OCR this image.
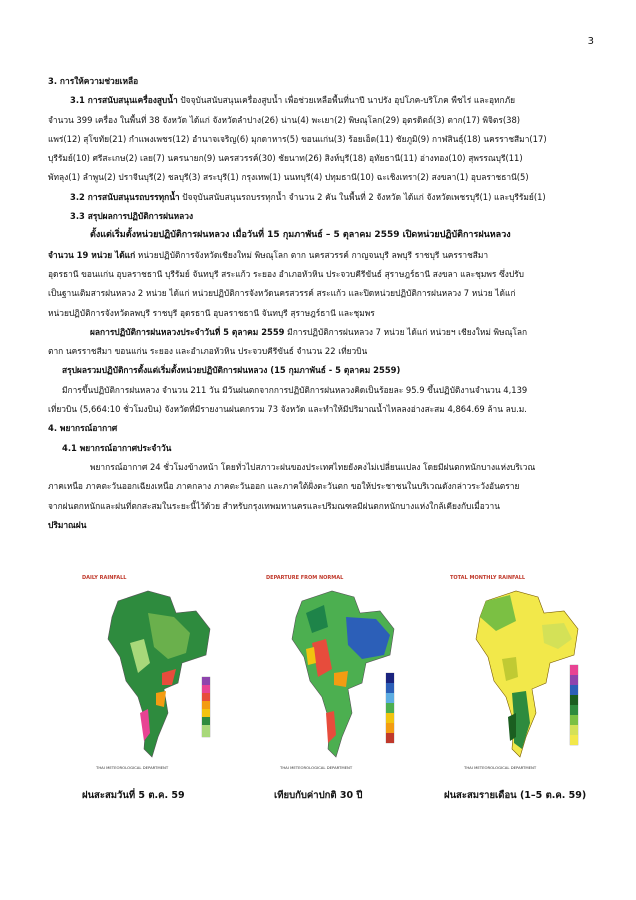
3
3. การให้ความช่วยเหลือ
3.1 การสนับสนุนเครื่องสูบน้ำ ปัจจุบันสนับสนุนเครื่องสูบน้ำ เพื่อช่วยเหลือพื้นที่นาปี นาปรัง อุปโภค-บริโภค พืชไร่ และอุทกภัย
จำนวน 399 เครื่อง ในพื้นที่ 38 จังหวัด ได้แก่ จังหวัดลำปาง(26) น่าน(4) พะเยา(2) พิษณุโลก(29) อุตรดิตถ์(3) ตาก(17) พิจิตร(38)
แพร่(12) สุโขทัย(21) กำแพงเพชร(12) อำนาจเจริญ(6) มุกดาหาร(5) ขอนแก่น(3) ร้อยเอ็ด(11) ชัยภูมิ(9) กาฬสินธุ์(18) นครราชสีมา(17)
บุรีรัมย์(10) ศรีสะเกษ(2) เลย(7) นครนายก(9) นครสวรรค์(30) ชัยนาท(26) สิงห์บุรี(18) อุทัยธานี(11) อ่างทอง(10) สุพรรณบุรี(11)
พัทลุง(1) ลำพูน(2) ปราจีนบุรี(2) ชลบุรี(3) สระบุรี(1) กรุงเทพ(1) นนทบุรี(4) ปทุมธานี(10) ฉะเชิงเทรา(2) สงขลา(1) อุบลราชธานี(5)
3.2 การสนับสนุนรถบรรทุกน้ำ ปัจจุบันสนับสนุนรถบรรทุกน้ำ จำนวน 2 คัน ในพื้นที่ 2 จังหวัด ได้แก่ จังหวัดเพชรบุรี(1) และบุรีรัมย์(1)
3.3 สรุปผลการปฏิบัติการฝนหลวง
ตั้งแต่เริ่มตั้งหน่วยปฏิบัติการฝนหลวง เมื่อวันที่ 15 กุมภาพันธ์ – 5 ตุลาคม 2559 เปิดหน่วยปฏิบัติการฝนหลวง
จำนวน 19 หน่วย ได้แก่ หน่วยปฏิบัติการจังหวัดเชียงใหม่ พิษณุโลก ตาก นครสวรรค์ กาญจนบุรี ลพบุรี ราชบุรี นครราชสีมา
อุดรธานี ขอนแก่น อุบลราชธานี บุรีรัมย์ จันทบุรี สระแก้ว ระยอง อำเภอหัวหิน ประจวบคีรีขันธ์ สุราษฎร์ธานี สงขลา และชุมพร ซึ่งปรับ
เป็นฐานเติมสารฝนหลวง 2 หน่วย ได้แก่ หน่วยปฏิบัติการจังหวัดนครสวรรค์ สระแก้ว และปิดหน่วยปฏิบัติการฝนหลวง 7 หน่วย ได้แก่
หน่วยปฏิบัติการจังหวัดลพบุรี ราชบุรี อุดรธานี อุบลราชธานี จันทบุรี สุราษฎร์ธานี และชุมพร
ผลการปฏิบัติการฝนหลวงประจำวันที่ 5 ตุลาคม 2559 มีการปฏิบัติการฝนหลวง 7 หน่วย ได้แก่ หน่วยฯ เชียงใหม่ พิษณุโลก
ตาก นครราชสีมา ขอนแก่น ระยอง และอำเภอหัวหิน ประจวบคีรีขันธ์ จำนวน 22 เที่ยวบิน
สรุปผลรวมปฏิบัติการตั้งแต่เริ่มตั้งหน่วยปฏิบัติการฝนหลวง (15 กุมภาพันธ์ - 5 ตุลาคม 2559)
มีการขึ้นปฏิบัติการฝนหลวง จำนวน 211 วัน มีวันฝนตกจากการปฏิบัติการฝนหลวงคิดเป็นร้อยละ 95.9 ขึ้นปฏิบัติงานจำนวน 4,139
เที่ยวบิน (5,664:10 ชั่วโมงบิน) จังหวัดที่มีรายงานฝนตกรวม 73 จังหวัด และทำให้มีปริมาณน้ำไหลลงอ่างสะสม 4,864.69 ล้าน ลบ.ม.
4. พยากรณ์อากาศ
4.1 พยากรณ์อากาศประจำวัน
พยากรณ์อากาศ 24 ชั่วโมงข้างหน้า โดยทั่วไปสภาวะฝนของประเทศไทยยังคงไม่เปลี่ยนแปลง โดยมีฝนตกหนักบางแห่งบริเวณ
ภาคเหนือ ภาคตะวันออกเฉียงเหนือ ภาคกลาง ภาคตะวันออก และภาคใต้ฝั่งตะวันตก ขอให้ประชาชนในบริเวณดังกล่าวระวังอันตราย
จากฝนตกหนักและฝนที่ตกสะสมในระยะนี้ไว้ด้วย สำหรับกรุงเทพมหานครและปริมณฑลมีฝนตกหนักบางแห่งใกล้เคียงกับเมื่อวาน
ปริมาณฝน
DAILY RAINFALL
THAI METEOROLOGICAL DEPARTMENT
DEPARTURE FROM NORMAL
THAI METEOROLOGICAL DEPARTMENT
TOTAL MONTHLY RAINFALL
THAI METEOROLOGICAL DEPARTMENT
ฝนสะสมวันที่ 5 ต.ค. 59	เทียบกับค่าปกติ 30 ปี	ฝนสะสมรายเดือน (1–5 ต.ค. 59)
